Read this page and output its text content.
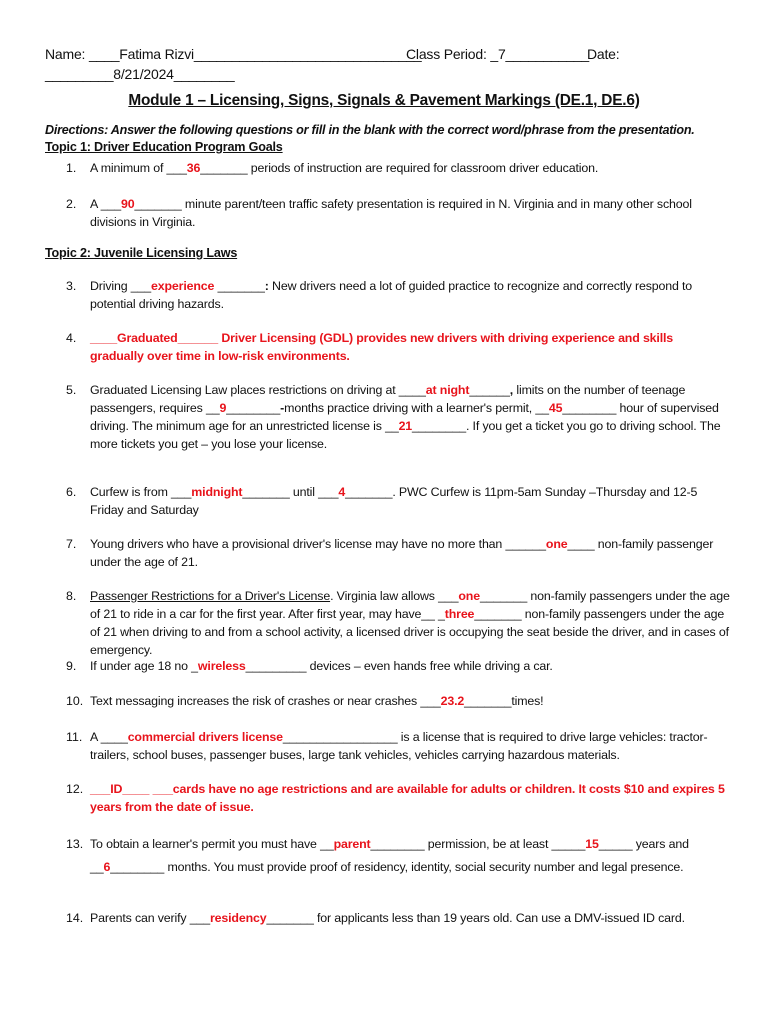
Name: ____Fatima Rizvi______________________________
Class Period: _7___________
Date:
_________8/21/2024________
Module 1 – Licensing, Signs, Signals & Pavement Markings (DE.1, DE.6)
Directions: Answer the following questions or fill in the blank with the correct word/phrase from the presentation.
Topic 1: Driver Education Program Goals
1.	A minimum of ___36_______ periods of instruction are required for classroom driver education.
2.	A ___90_______ minute parent/teen traffic safety presentation is required in N. Virginia and in many other school divisions in Virginia.
Topic 2: Juvenile Licensing Laws
3.	Driving ___experience _______: New drivers need a lot of guided practice to recognize and correctly respond to potential driving hazards.
4.	____Graduated______ Driver Licensing (GDL) provides new drivers with driving experience and skills gradually over time in low-risk environments.
5.	Graduated Licensing Law places restrictions on driving at ____at night______, limits on the number of teenage passengers, requires __9________-months practice driving with a learner's permit, __45________ hour of supervised driving. The minimum age for an unrestricted license is __21________. If you get a ticket you go to driving school. The more tickets you get – you lose your license.
6.	Curfew is from ___midnight_______ until ___4_______. PWC Curfew is 11pm-5am Sunday –Thursday and 12-5 Friday and Saturday
7.	Young drivers who have a provisional driver's license may have no more than ______one____ non-family passenger under the age of 21.
8.	Passenger Restrictions for a Driver's License. Virginia law allows ___one_______ non-family passengers under the age of 21 to ride in a car for the first year. After first year, may have__ _three_______ non-family passengers under the age of 21 when driving to and from a school activity, a licensed driver is occupying the seat beside the driver, and in cases of emergency.
9.	If under age 18 no _wireless_________ devices – even hands free while driving a car.
10. Text messaging increases the risk of crashes or near crashes ___23.2_______times!
11. A ____commercial drivers license_________________ is a license that is required to drive large vehicles: tractor-trailers, school buses, passenger buses, large tank vehicles, vehicles carrying hazardous materials.
12. ___ID____ ___cards have no age restrictions and are available for adults or children. It costs $10 and expires 5 years from the date of issue.
13. To obtain a learner's permit you must have __parent________ permission, be at least _____15_____ years and
__6________ months. You must provide proof of residency, identity, social security number and legal presence.
14. Parents can verify ___residency_______ for applicants less than 19 years old. Can use a DMV-issued ID card.
